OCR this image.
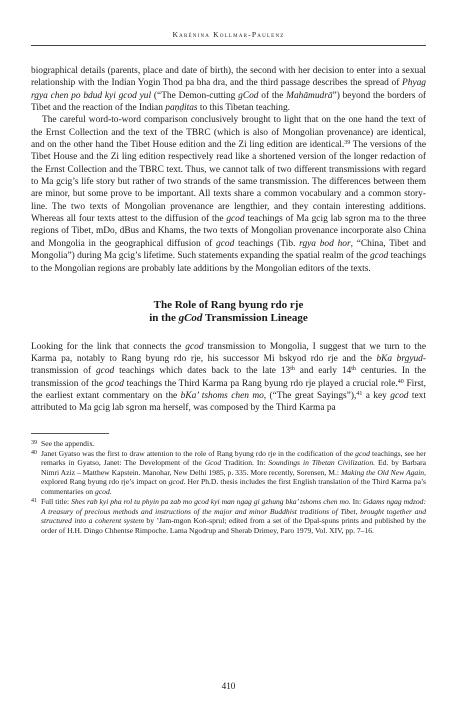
Karénina Kollmar-Paulenz

biographical details (parents, place and date of birth), the second with her decision to enter into a sexual relationship with the Indian Yogin Thod pa bha dra, and the third passage describes the spread of Phyag rgya chen po bdud kyi gcod yul (“The Demon-cutting gCod of the Mahāmudrā”) beyond the borders of Tibet and the reaction of the Indian paṇḍitas to this Tibetan teaching.

The careful word-to-word comparison conclusively brought to light that on the one hand the text of the Ernst Collection and the text of the TBRC (which is also of Mongolian provenance) are identical, and on the other hand the Tibet House edition and the Zi ling edition are identical.$^{39}$ The versions of the Tibet House and the Zi ling edition respectively read like a shortened version of the longer redaction of the Ernst Collection and the TBRC text. Thus, we cannot talk of two different transmissions with regard to Ma gcig’s life story but rather of two strands of the same transmission. The differences between them are minor, but some prove to be important. All texts share a common vocabulary and a common story-line. The two texts of Mongolian provenance are lengthier, and they contain interesting additions. Whereas all four texts attest to the diffusion of the gcod teachings of Ma gcig lab sgron ma to the three regions of Tibet, mDo, dBus and Khams, the two texts of Mongolian provenance incorporate also China and Mongolia in the geographical diffusion of gcod teachings (Tib. rgya bod hor, “China, Tibet and Mongolia”) during Ma gcig’s lifetime. Such statements expanding the spatial realm of the gcod teachings to the Mongolian regions are probably late additions by the Mongolian editors of the texts.

The Role of Rang byung rdo rje
in the gCod Transmission Lineage

Looking for the link that connects the gcod transmission to Mongolia, I suggest that we turn to the Karma pa, notably to Rang byung rdo rje, his successor Mi bskyod rdo rje and the bKa brgyud-transmission of gcod teachings which dates back to the late 13th and early 14th centuries. In the transmission of the gcod teachings the Third Karma pa Rang byung rdo rje played a crucial role.$^{40}$ First, the earliest extant commentary on the bKa’ tshoms chen mo, (“The great Sayings”),$^{41}$ a key gcod text attributed to Ma gcig lab sgron ma herself, was composed by the Third Karma pa

39 See the appendix.
40 Janet Gyatso was the first to draw attention to the role of Rang byung rdo rje in the codification of the gcod teachings, see her remarks in Gyatso, Janet: The Development of the Gcod Tradition. In: Soundings in Tibetan Civilization. Ed. by Barbara Nimri Aziz – Matthew Kapstein. Manohar, New Delhi 1985, p. 335. More recently, Sorensen, M.: Making the Old New Again, explored Rang byung rdo rje’s impact on gcod. Her Ph.D. thesis includes the first English translation of the Third Karma pa’s commentaries on gcod.
41 Full title: Shes rab kyi pha rol tu phyin pa zab mo gcod kyi man ngag gi gzhung bka’ tshoms chen mo. In: Gdams ngag mdzod: A treasury of precious methods and instructions of the major and minor Buddhist traditions of Tibet, brought together and structured into a coherent system by ’Jam-mgon Koṅ-sprul; edited from a set of the Dpal-spuns prints and published by the order of H.H. Dingo Chhentse Rimpoche. Lama Ngodrup and Sherab Drimey, Paro 1979, Vol. XIV, pp. 7–16.
410
